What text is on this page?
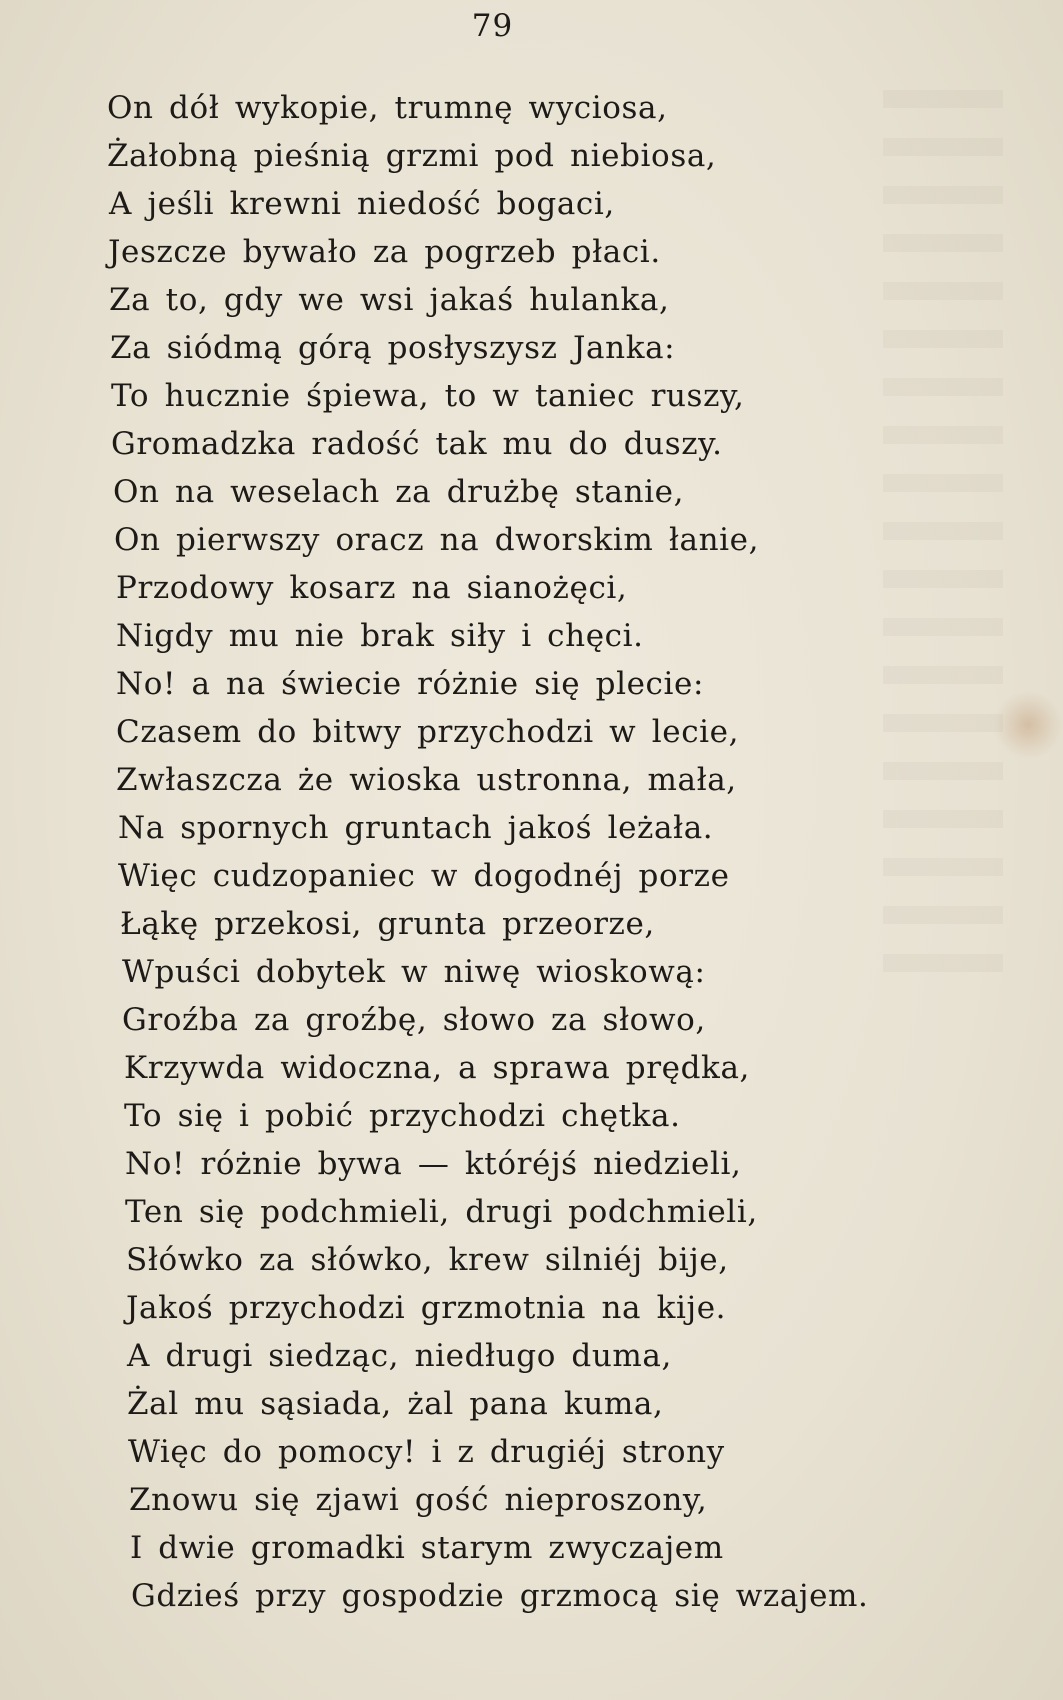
79
On dół wykopie, trumnę wyciosa,
Żałobną pieśnią grzmi pod niebiosa,
A jeśli krewni niedość bogaci,
Jeszcze bywało za pogrzeb płaci.
Za to, gdy we wsi jakaś hulanka,
Za siódmą górą posłyszysz Janka:
To hucznie śpiewa, to w taniec ruszy,
Gromadzka radość tak mu do duszy.
On na weselach za drużbę stanie,
On pierwszy oracz na dworskim łanie,
Przodowy kosarz na sianożęci,
Nigdy mu nie brak siły i chęci.
No! a na świecie różnie się plecie:
Czasem do bitwy przychodzi w lecie,
Zwłaszcza że wioska ustronna, mała,
Na spornych gruntach jakoś leżała.
Więc cudzopaniec w dogodnéj porze
Łąkę przekosi, grunta przeorze,
Wpuści dobytek w niwę wioskową:
Groźba za groźbę, słowo za słowo,
Krzywda widoczna, a sprawa prędka,
To się i pobić przychodzi chętka.
No! różnie bywa — któréjś niedzieli,
Ten się podchmieli, drugi podchmieli,
Słówko za słówko, krew silniéj bije,
Jakoś przychodzi grzmotnia na kije.
A drugi siedząc, niedługo duma,
Żal mu sąsiada, żal pana kuma,
Więc do pomocy! i z drugiéj strony
Znowu się zjawi gość nieproszony,
I dwie gromadki starym zwyczajem
Gdzieś przy gospodzie grzmocą się wzajem.
